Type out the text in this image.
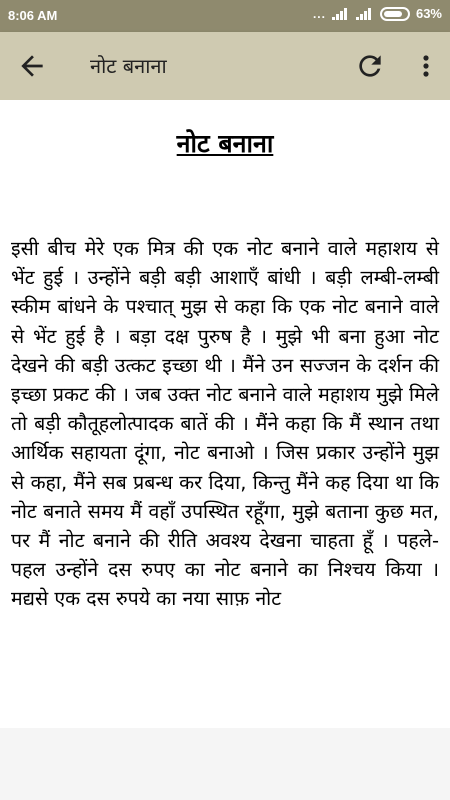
8:06 AM	...	63%
नोट बनाना
नोट बनाना
इसी बीच मेरे एक मित्र की एक नोट बनाने वाले महाशय से भेंट हुई । उन्होंने बड़ी बड़ी आशाएँ बांधी । बड़ी लम्बी-लम्बी स्कीम बांधने के पश्चात् मुझ से कहा कि एक नोट बनाने वाले से भेंट हुई है । बड़ा दक्ष पुरुष है । मुझे भी बना हुआ नोट देखने की बड़ी उत्कट इच्छा थी । मैंने उन सज्जन के दर्शन की इच्छा प्रकट की । जब उक्त नोट बनाने वाले महाशय मुझे मिले तो बड़ी कौतूहलोत्पादक बातें की । मैंने कहा कि मैं स्थान तथा आर्थिक सहायता दूंगा, नोट बनाओ । जिस प्रकार उन्होंने मुझ से कहा, मैंने सब प्रबन्ध कर दिया, किन्तु मैंने कह दिया था कि नोट बनाते समय मैं वहाँ उपस्थित रहूँगा, मुझे बताना कुछ मत, पर मैं नोट बनाने की रीति अवश्य देखना चाहता हूँ । पहले-पहल उन्होंने दस रुपए का नोट बनाने का निश्चय किया । मद्यसे एक दस रुपये का नया साफ़ नोट
